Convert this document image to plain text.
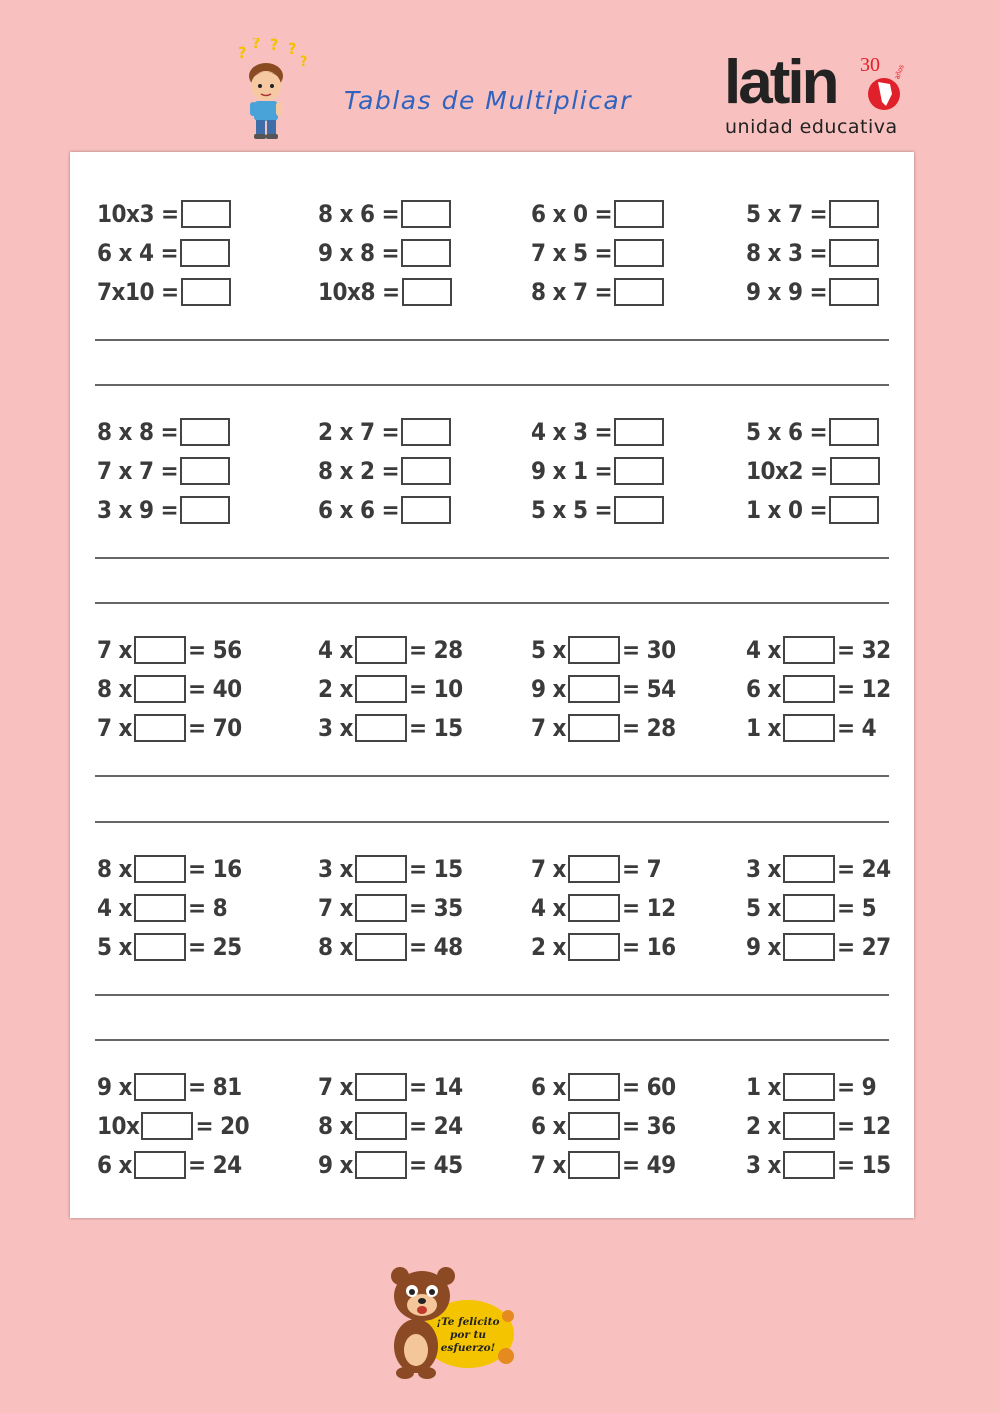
?
? ? ?
?
Tablas de Multiplicar latin 30 años
unidad educativa
10x3 =	8 x 6 =	6 x 0 =	5 x 7 =
6 x 4 =	9 x 8 =	7 x 5 =	8 x 3 =
7x10 =	10x8 =	8 x 7 =	9 x 9 =
8 x 8 =	2 x 7 =	4 x 3 =	5 x 6 =
7 x 7 =	8 x 2 =	9 x 1 =	10x2 =
3 x 9 =	6 x 6 =	5 x 5 =	1 x 0 =
7 x = 56	4 x = 28	5 x = 30	4 x = 32
8 x = 40	2 x = 10	9 x = 54	6 x = 12
7 x = 70	3 x = 15	7 x = 28	1 x = 4
8 x = 16	3 x = 15	7 x = 7	3 x = 24
4 x = 8	7 x = 35	4 x = 12	5 x = 5
5 x = 25	8 x = 48	2 x = 16	9 x = 27
9 x = 81	7 x = 14	6 x = 60	1 x = 9
10x = 20	8 x = 24	6 x = 36	2 x = 12
6 x = 24	9 x = 45	7 x = 49	3 x = 15
¡Te felicito por tu esfuerzo!
